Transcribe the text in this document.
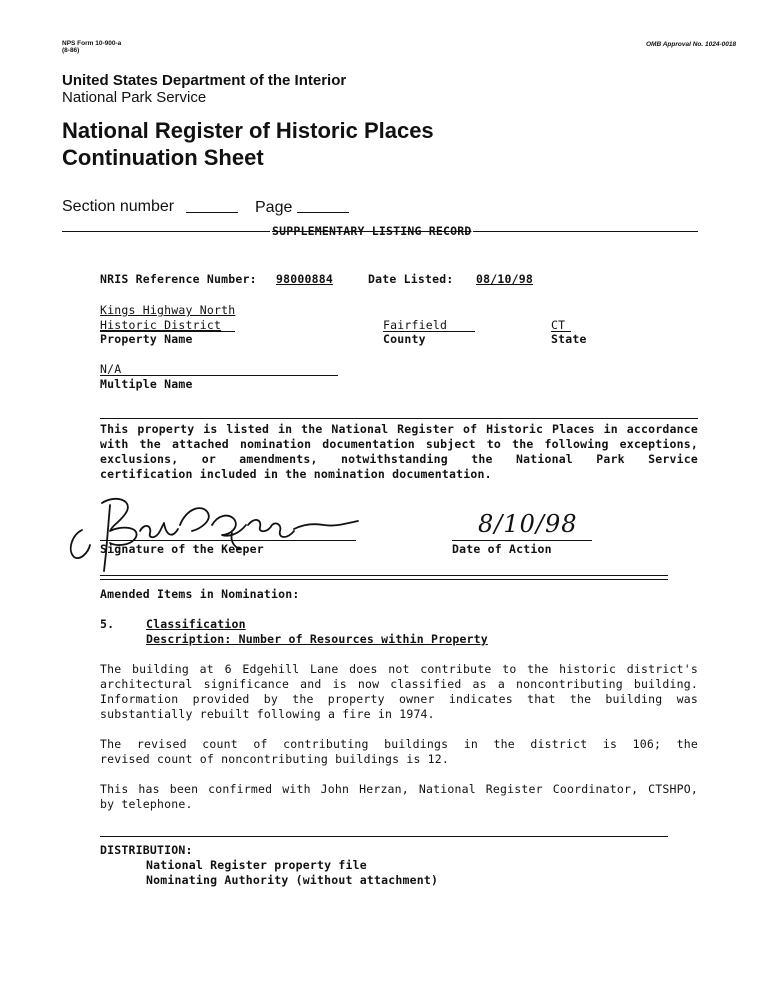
NPS Form 10-900-a
(8-86)
OMB Approval No. 1024-0018
United States Department of the Interior
National Park Service
National Register of Historic Places
Continuation Sheet
Section number	Page
SUPPLEMENTARY LISTING RECORD
NRIS Reference Number: 98000884	Date Listed: 08/10/98
Kings Highway North
Historic District
Property Name
Fairfield
County
CT
State
N/A
Multiple Name
This property is listed in the National Register of Historic Places in accordance
with the attached nomination documentation subject to the following exceptions,
exclusions, or amendments, notwithstanding the National Park Service
certification included in the nomination documentation.
Signature of the Keeper
8/10/98
Date of Action
Amended Items in Nomination:
5.	Classification
Description: Number of Resources within Property
The building at 6 Edgehill Lane does not contribute to the historic district's
architectural significance and is now classified as a noncontributing building.
Information provided by the property owner indicates that the building was
substantially rebuilt following a fire in 1974.
The revised count of contributing buildings in the district is 106; the
revised count of noncontributing buildings is 12.
This has been confirmed with John Herzan, National Register Coordinator, CTSHPO,
by telephone.
DISTRIBUTION:
National Register property file
Nominating Authority (without attachment)
